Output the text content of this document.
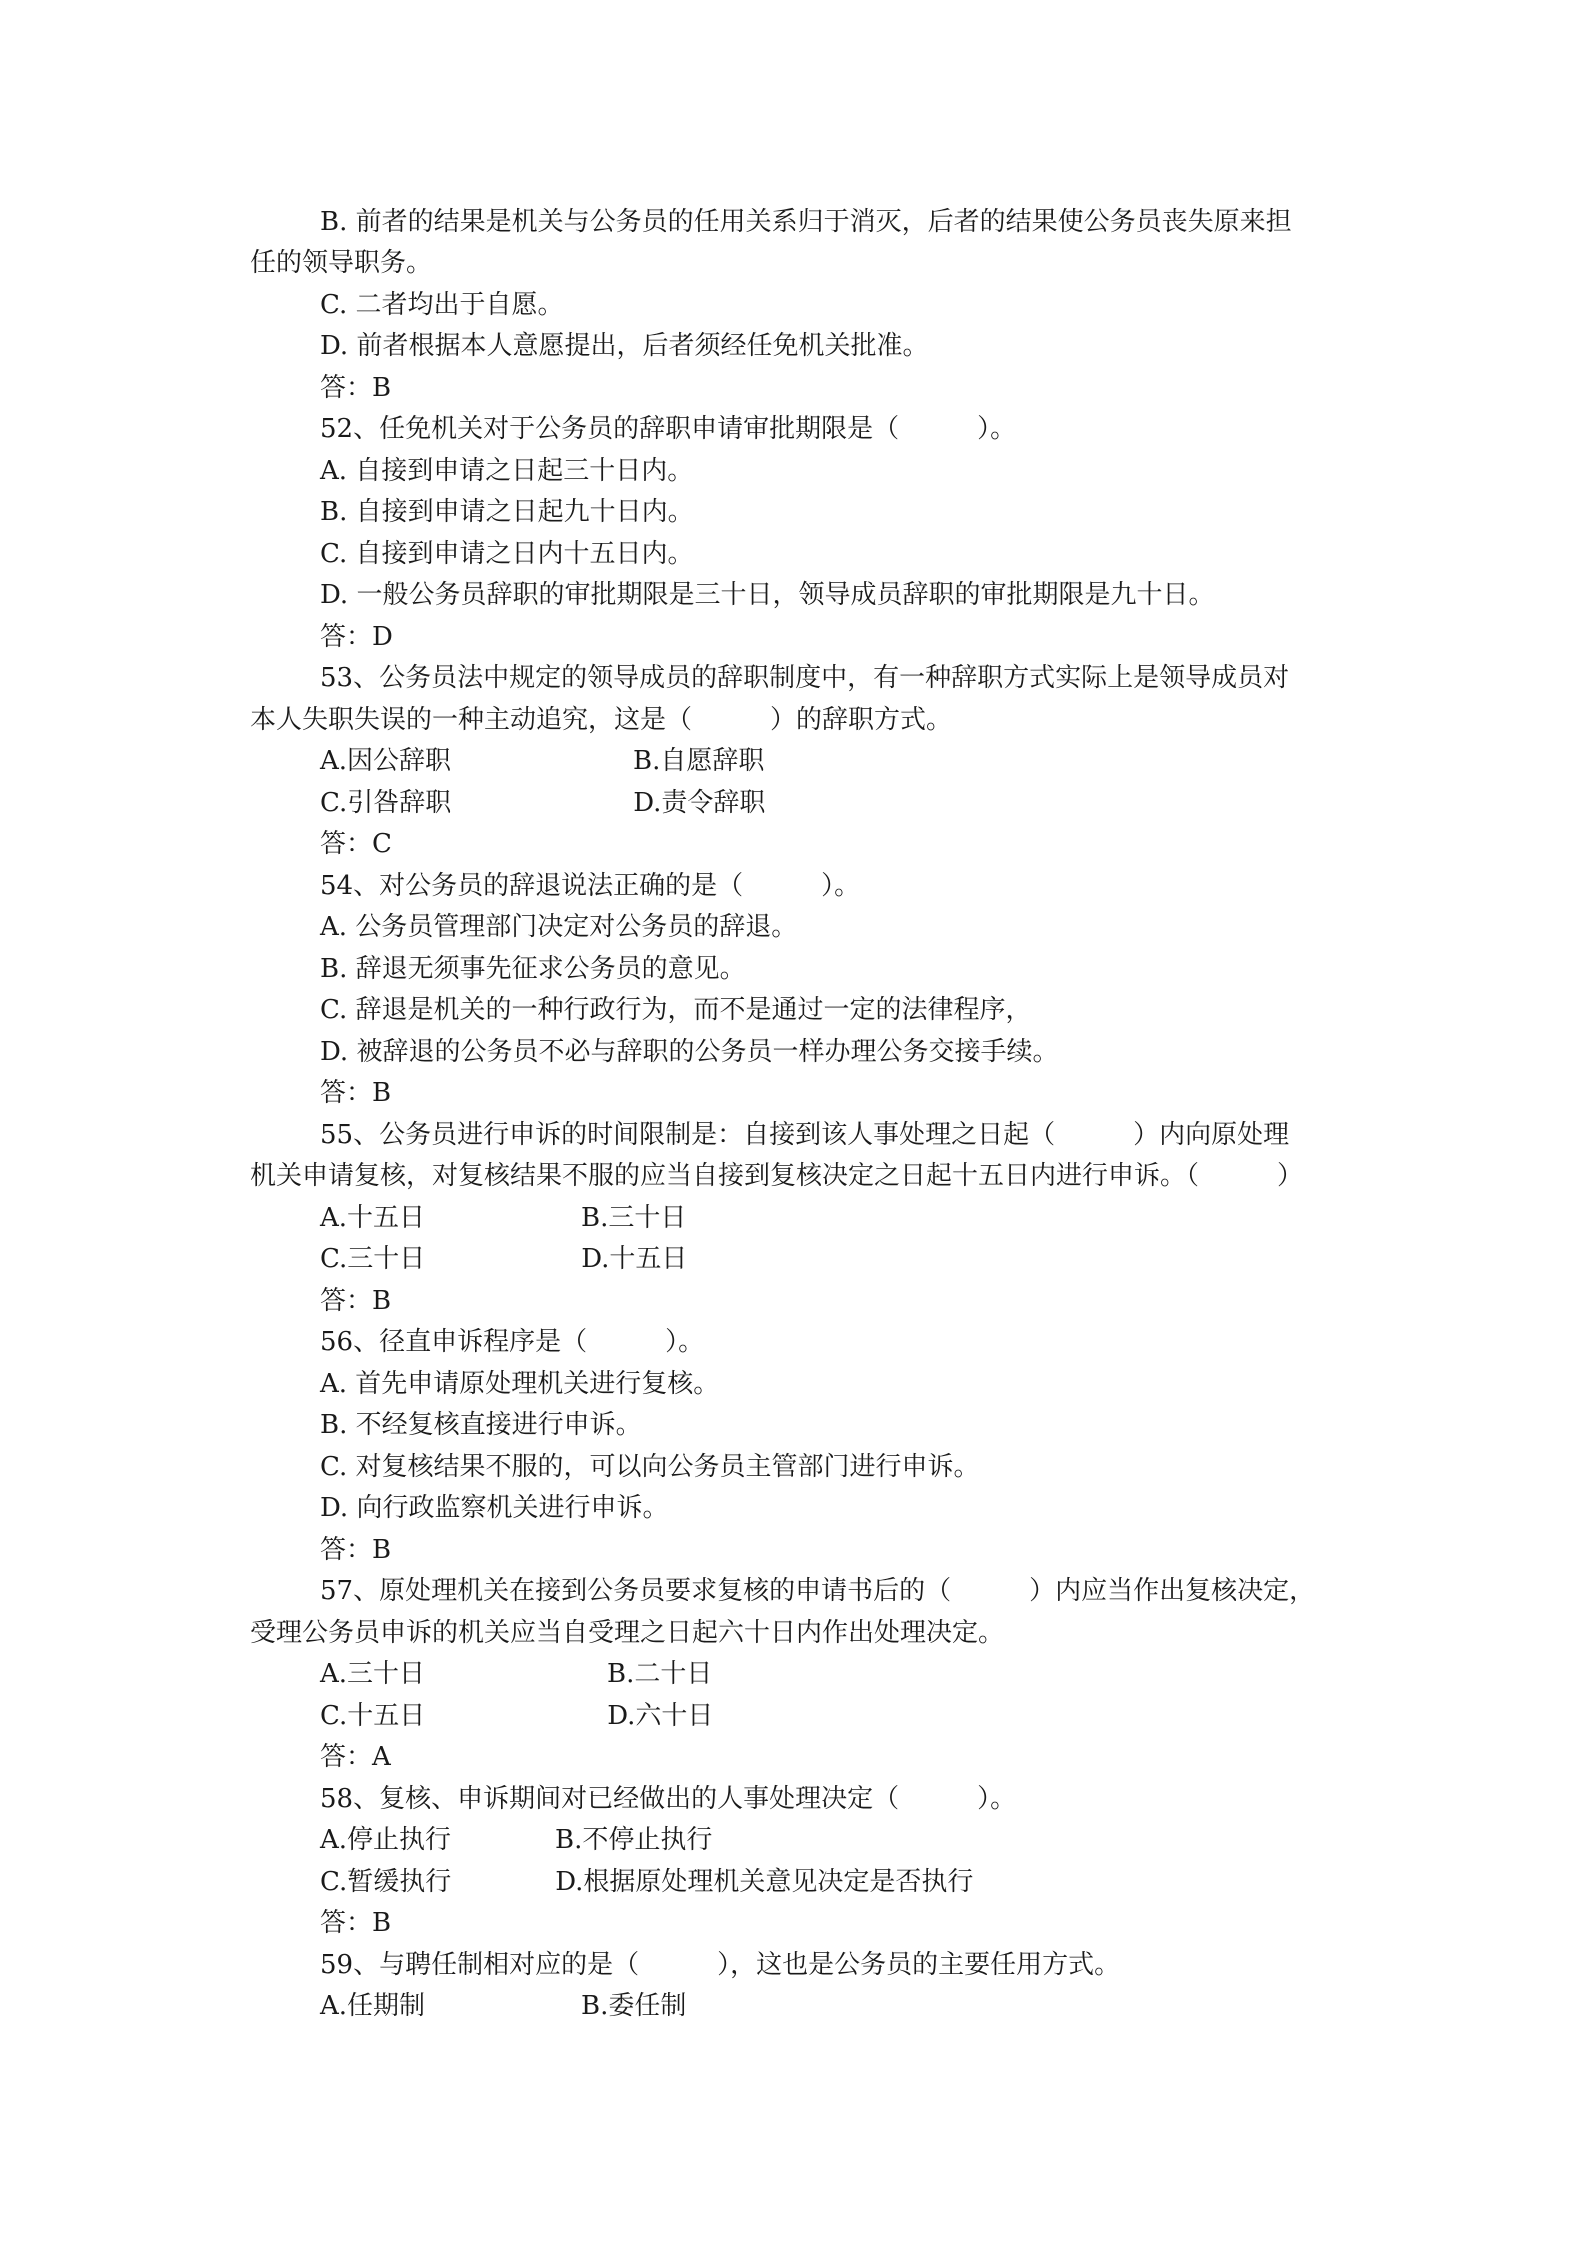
B. 前者的结果是机关与公务员的任用关系归于消灭，后者的结果使公务员丧失原来担

任的领导职务。

C. 二者均出于自愿。

D. 前者根据本人意愿提出，后者须经任免机关批准。

答：B

52、任免机关对于公务员的辞职申请审批期限是（　　　）。

A. 自接到申请之日起三十日内。

B. 自接到申请之日起九十日内。

C. 自接到申请之日内十五日内。

D. 一般公务员辞职的审批期限是三十日，领导成员辞职的审批期限是九十日。

答：D

53、公务员法中规定的领导成员的辞职制度中，有一种辞职方式实际上是领导成员对

本人失职失误的一种主动追究，这是（　　　）的辞职方式。

A.因公辞职　　　　　　　B.自愿辞职

C.引咎辞职　　　　　　　D.责令辞职

答：C

54、对公务员的辞退说法正确的是（　　　）。

A. 公务员管理部门决定对公务员的辞退。

B. 辞退无须事先征求公务员的意见。

C. 辞退是机关的一种行政行为，而不是通过一定的法律程序，

D. 被辞退的公务员不必与辞职的公务员一样办理公务交接手续。

答：B

55、公务员进行申诉的时间限制是：自接到该人事处理之日起（　　　）内向原处理

机关申请复核，对复核结果不服的应当自接到复核决定之日起十五日内进行申诉。（　　　）

A.十五日　　　　　　B.三十日

C.三十日　　　　　　D.十五日

答：B

56、径直申诉程序是（　　　）。

A. 首先申请原处理机关进行复核。

B. 不经复核直接进行申诉。

C. 对复核结果不服的，可以向公务员主管部门进行申诉。

D. 向行政监察机关进行申诉。

答：B

57、原处理机关在接到公务员要求复核的申请书后的（　　　）内应当作出复核决定，

受理公务员申诉的机关应当自受理之日起六十日内作出处理决定。

A.三十日　　　　　　　B.二十日

C.十五日　　　　　　　D.六十日

答：A

58、复核、申诉期间对已经做出的人事处理决定（　　　）。

A.停止执行　　　　B.不停止执行

C.暂缓执行　　　　D.根据原处理机关意见决定是否执行

答：B

59、与聘任制相对应的是（　　　），这也是公务员的主要任用方式。

A.任期制　　　　　　B.委任制
